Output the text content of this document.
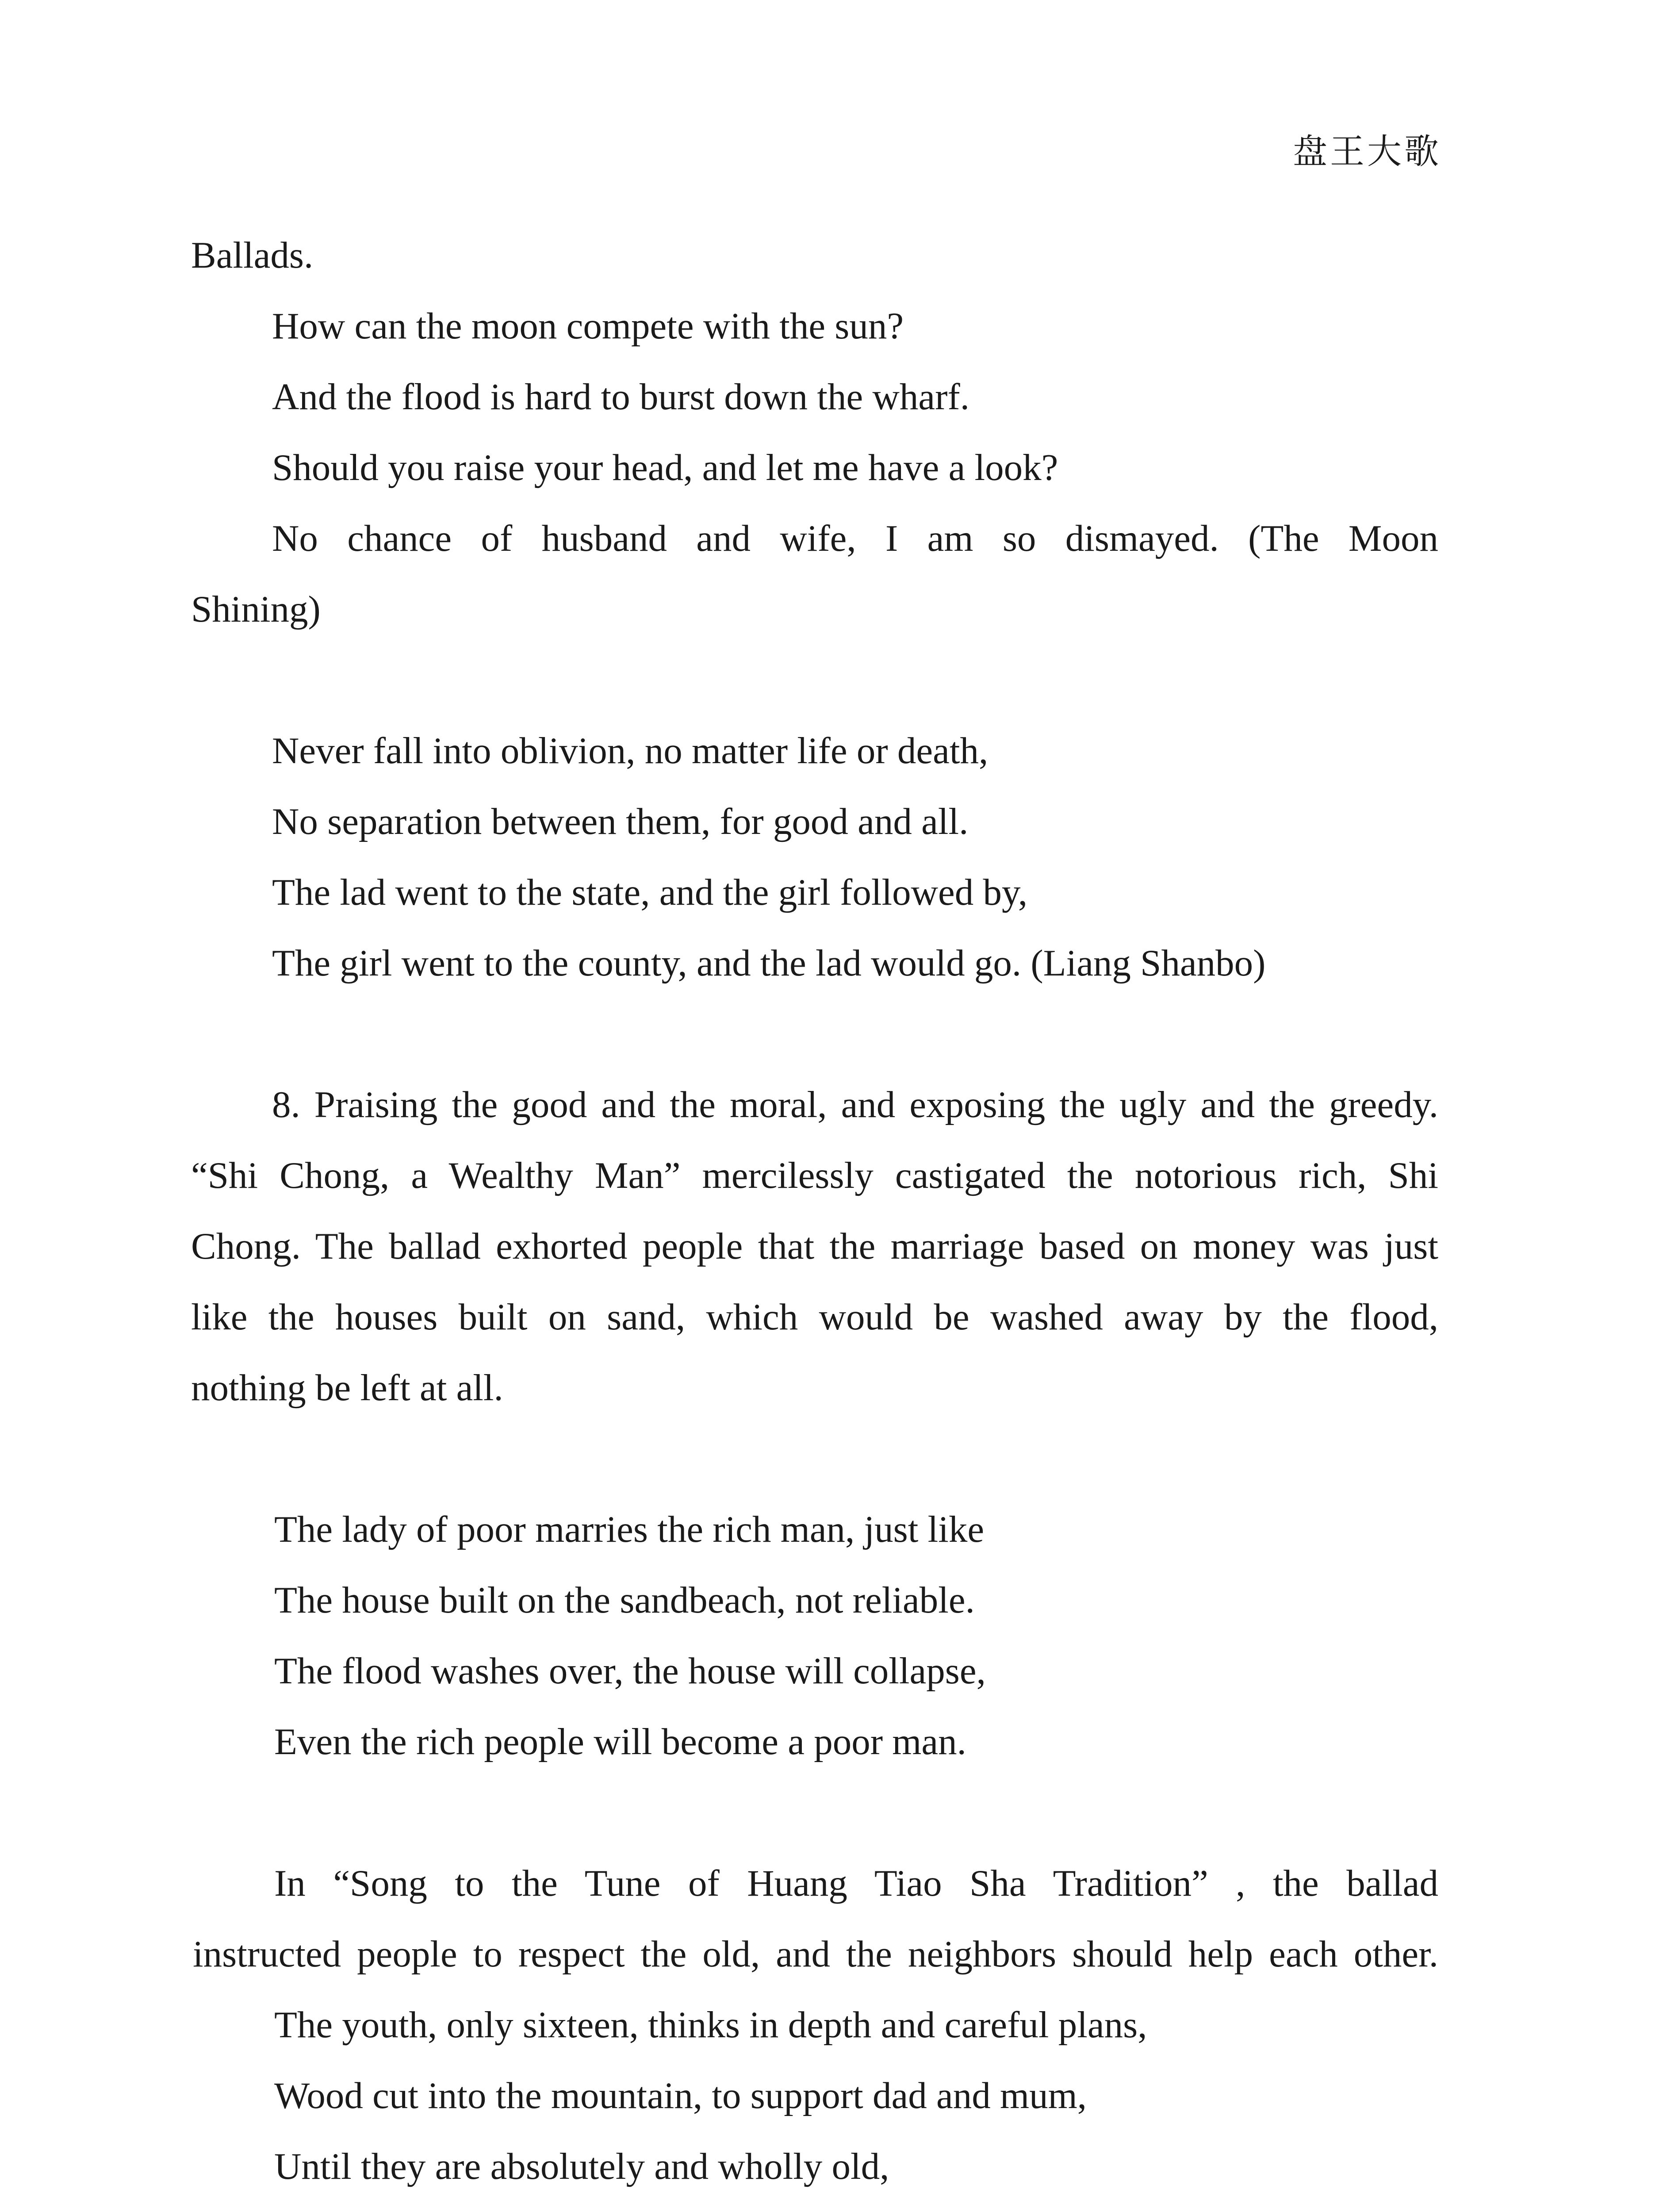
盘王大歌
Ballads.
How can the moon compete with the sun?
And the flood is hard to burst down the wharf.
Should you raise your head, and let me have a look?
No chance of husband and wife, I am so dismayed. (The Moon
Shining)
Never fall into oblivion, no matter life or death,
No separation between them, for good and all.
The lad went to the state, and the girl followed by,
The girl went to the county, and the lad would go. (Liang Shanbo)
8. Praising the good and the moral, and exposing the ugly and the greedy.
“Shi Chong, a Wealthy Man” mercilessly castigated the notorious rich, Shi
Chong. The ballad exhorted people that the marriage based on money was just
like the houses built on sand, which would be washed away by the flood,
nothing be left at all.
The lady of poor marries the rich man, just like
The house built on the sandbeach, not reliable.
The flood washes over, the house will collapse,
Even the rich people will become a poor man.
In “Song to the Tune of Huang Tiao Sha Tradition” , the ballad
instructed people to respect the old, and the neighbors should help each other.
The youth, only sixteen, thinks in depth and careful plans,
Wood cut into the mountain, to support dad and mum,
Until they are absolutely and wholly old,
